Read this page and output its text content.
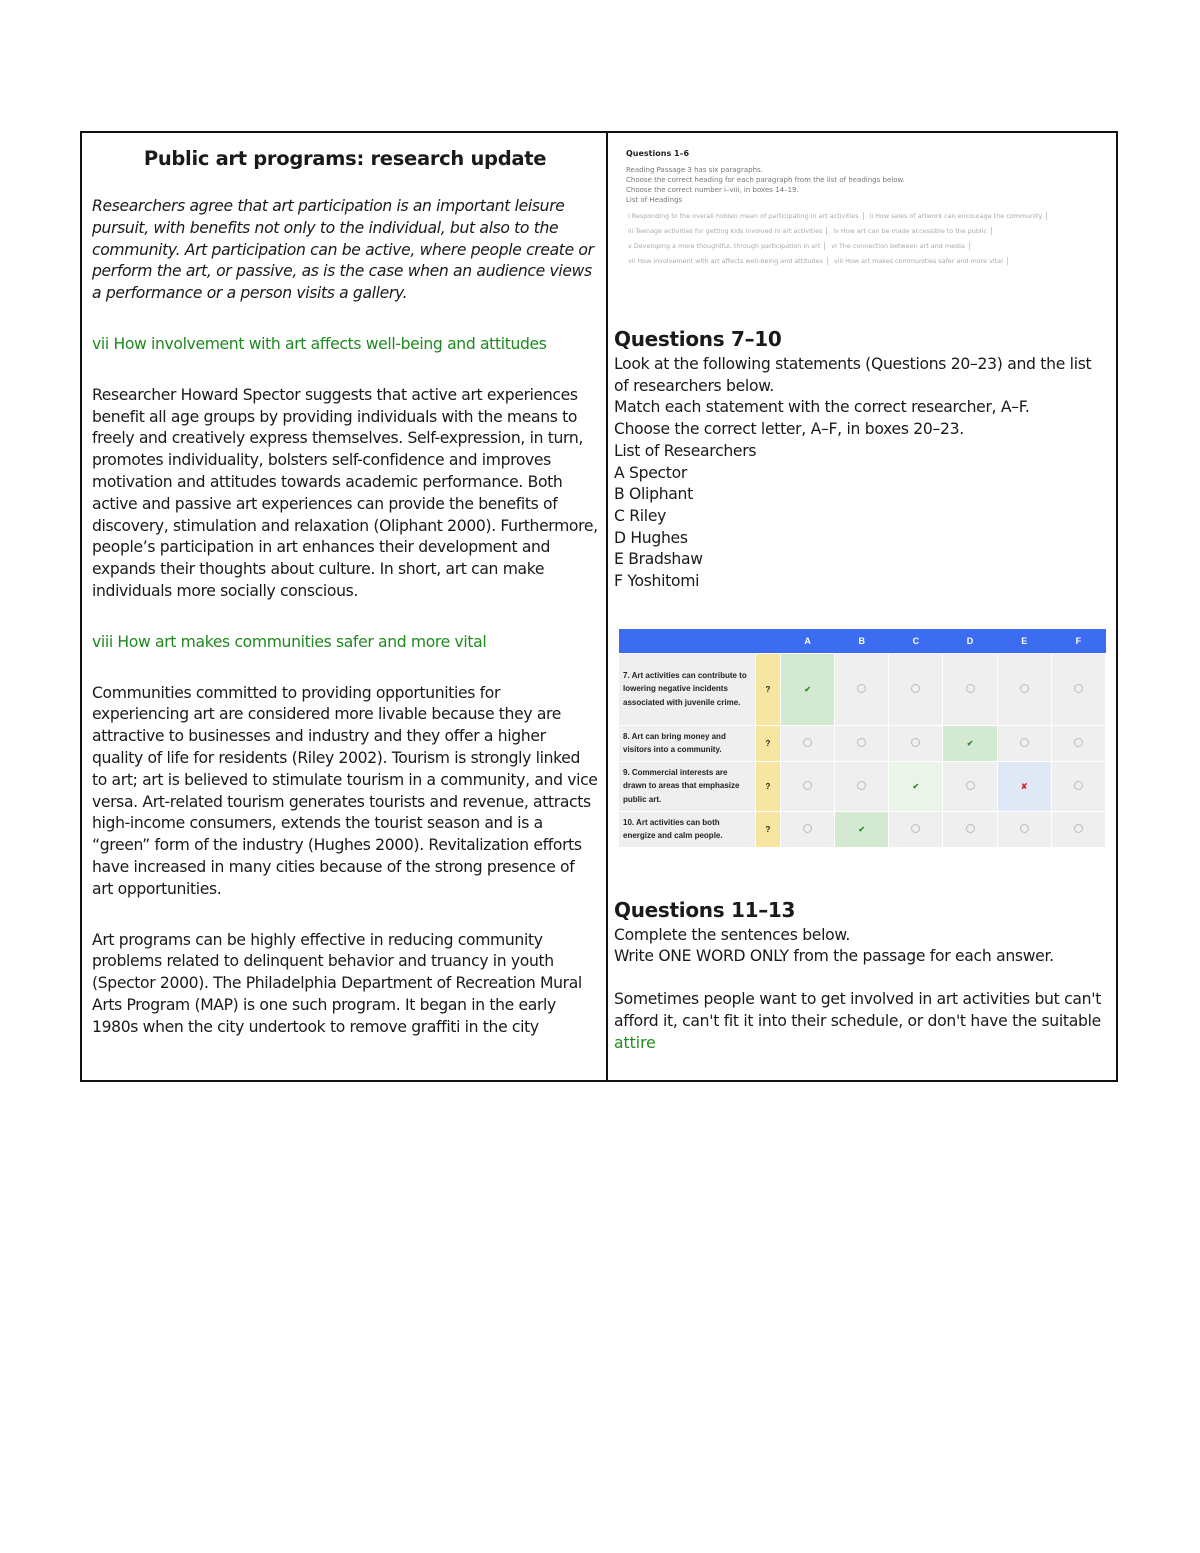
Public art programs: research update

Researchers agree that art participation is an important leisure pursuit, with benefits not only to the individual, but also to the community. Art participation can be active, where people create or perform the art, or passive, as is the case when an audience views a performance or a person visits a gallery.

vii How involvement with art affects well-being and attitudes

Researcher Howard Spector suggests that active art experiences benefit all age groups by providing individuals with the means to freely and creatively express themselves. Self-expression, in turn, promotes individuality, bolsters self-confidence and improves motivation and attitudes towards academic performance. Both active and passive art experiences can provide the benefits of discovery, stimulation and relaxation (Oliphant 2000). Furthermore, people’s participation in art enhances their development and expands their thoughts about culture. In short, art can make individuals more socially conscious.

viii How art makes communities safer and more vital

Communities committed to providing opportunities for experiencing art are considered more livable because they are attractive to businesses and industry and they offer a higher quality of life for residents (Riley 2002). Tourism is strongly linked to art; art is believed to stimulate tourism in a community, and vice versa. Art-related tourism generates tourists and revenue, attracts high-income consumers, extends the tourist season and is a “green” form of the industry (Hughes 2000). Revitalization efforts have increased in many cities because of the strong presence of art opportunities.

Art programs can be highly effective in reducing community problems related to delinquent behavior and truancy in youth (Spector 2000). The Philadelphia Department of Recreation Mural Arts Program (MAP) is one such program. It began in the early 1980s when the city undertook to remove graffiti in the city

Questions 1–6
Reading Passage 3 has six paragraphs.
Choose the correct heading for each paragraph from the list of headings below.
Choose the correct number i–viii, in boxes 14–19.
List of Headings
i Responding to the overall hidden mean of participating in art activities	ii How sales of artwork can encourage the community
iii Teenage activities for getting kids involved in art activities	iv How art can be made accessible to the public
v Developing a more thoughtful, through participation in art	vi The connection between art and media
vii How involvement with art affects well-being and attitudes	viii How art makes communities safer and more vital
Questions 7–10
Look at the following statements (Questions 20–23) and the list of researchers below.
Match each statement with the correct researcher, A–F.
Choose the correct letter, A–F, in boxes 20–23.
List of Researchers
A Spector
B Oliphant
C Riley
D Hughes
E Bradshaw
F Yoshitomi
		A	B	C	D	E	F
7. Art activities can contribute to lowering negative incidents associated with juvenile crime.	?	✔					
8. Art can bring money and visitors into a community.	?				✔		
9. Commercial interests are drawn to areas that emphasize public art.	?			✔		✘	
10. Art activities can both energize and calm people.	?		✔				
Questions 11–13
Complete the sentences below.
Write ONE WORD ONLY from the passage for each answer.
Sometimes people want to get involved in art activities but can't afford it, can't fit it into their schedule, or don't have the suitable
attire
